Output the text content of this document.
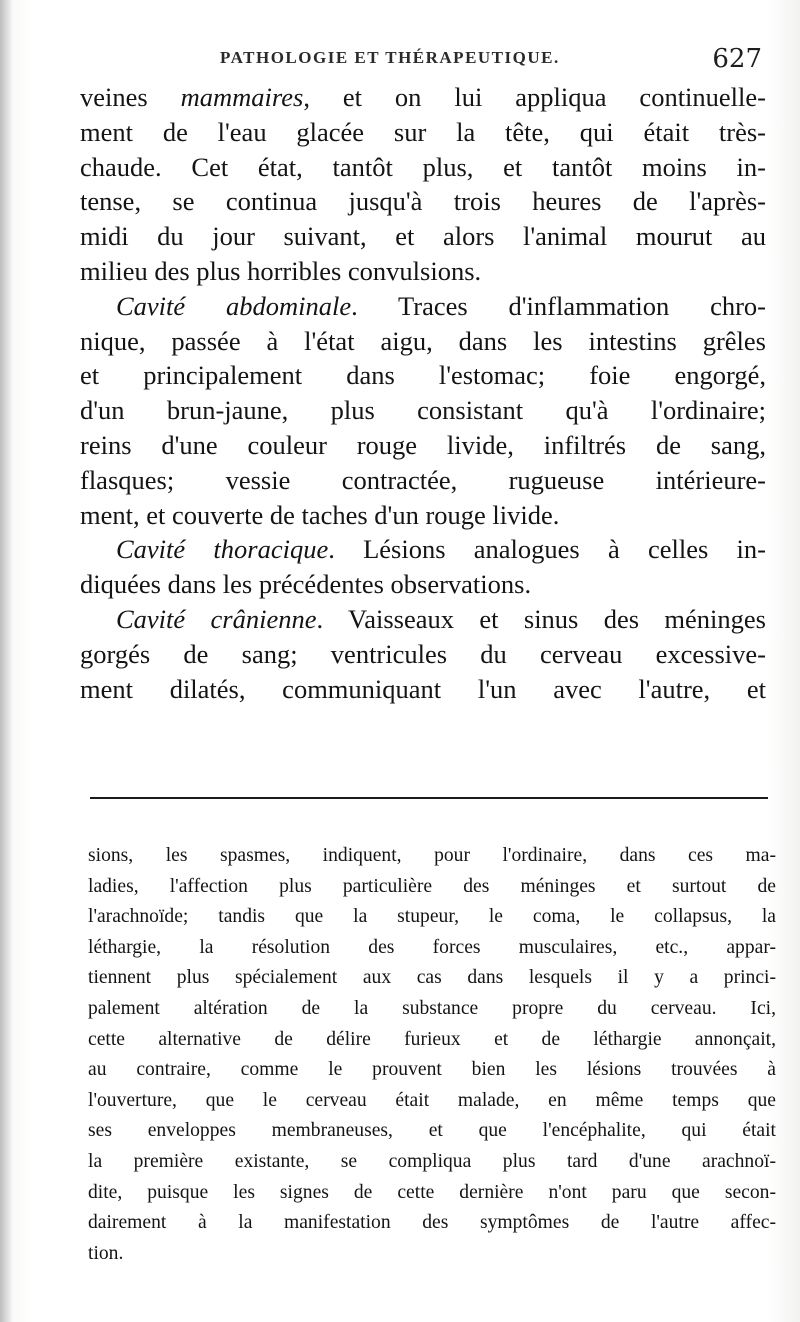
PATHOLOGIE ET THÉRAPEUTIQUE.	627
veines mammaires, et on lui appliqua continuelle-
ment de l'eau glacée sur la tête, qui était très-
chaude. Cet état, tantôt plus, et tantôt moins in-
tense, se continua jusqu'à trois heures de l'après-
midi du jour suivant, et alors l'animal mourut au
milieu des plus horribles convulsions.
Cavité abdominale. Traces d'inflammation chro-
nique, passée à l'état aigu, dans les intestins grêles
et principalement dans l'estomac; foie engorgé,
d'un brun-jaune, plus consistant qu'à l'ordinaire;
reins d'une couleur rouge livide, infiltrés de sang,
flasques; vessie contractée, rugueuse intérieure-
ment, et couverte de taches d'un rouge livide.
Cavité thoracique. Lésions analogues à celles in-
diquées dans les précédentes observations.
Cavité crânienne. Vaisseaux et sinus des méninges
gorgés de sang; ventricules du cerveau excessive-
ment dilatés, communiquant l'un avec l'autre, et
sions, les spasmes, indiquent, pour l'ordinaire, dans ces ma-
ladies, l'affection plus particulière des méninges et surtout de
l'arachnoïde; tandis que la stupeur, le coma, le collapsus, la
léthargie, la résolution des forces musculaires, etc., appar-
tiennent plus spécialement aux cas dans lesquels il y a princi-
palement altération de la substance propre du cerveau. Ici,
cette alternative de délire furieux et de léthargie annonçait,
au contraire, comme le prouvent bien les lésions trouvées à
l'ouverture, que le cerveau était malade, en même temps que
ses enveloppes membraneuses, et que l'encéphalite, qui était
la première existante, se compliqua plus tard d'une arachnoï-
dite, puisque les signes de cette dernière n'ont paru que secon-
dairement à la manifestation des symptômes de l'autre affec-
tion.
